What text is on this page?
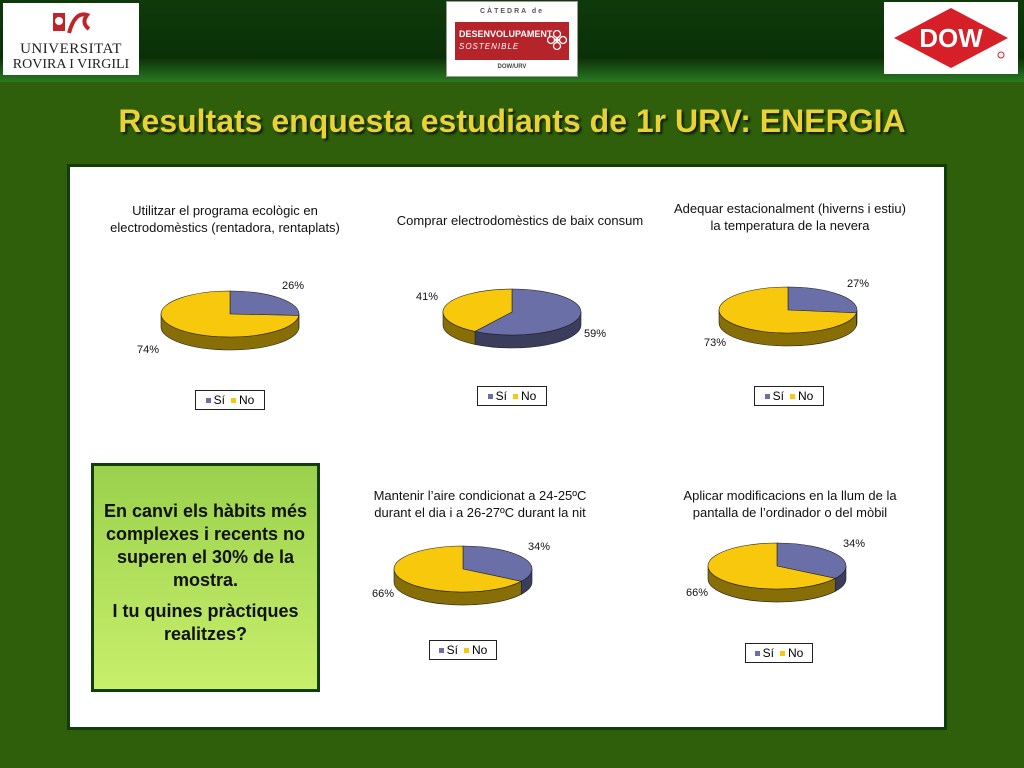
UNIVERSITAT
ROVIRA I VIRGILI
CÀTEDRA de
DESENVOLUPAMENT
SOSTENIBLE
DOW/URV
DOW
Resultats enquesta estudiants de 1r URV: ENERGIA
Utilitzar el programa ecològic en electrodomèstics (rentadora, rentaplats)
26%
74%
Sí No
Comprar electrodomèstics de baix consum
59%
41%
Sí No
Adequar estacionalment (hiverns i estiu) la temperatura de la nevera
27%
73%
Sí No
Mantenir l’aire condicionat a 24-25ºC durant el dia i a 26-27ºC durant la nit
34%
66%
Sí No
Aplicar modificacions en la llum de la pantalla de l’ordinador o del mòbil
34%
66%
Sí No

En canvi els hàbits més complexes i recents no superen el 30% de la mostra.

I tu quines pràctiques realitzes?
